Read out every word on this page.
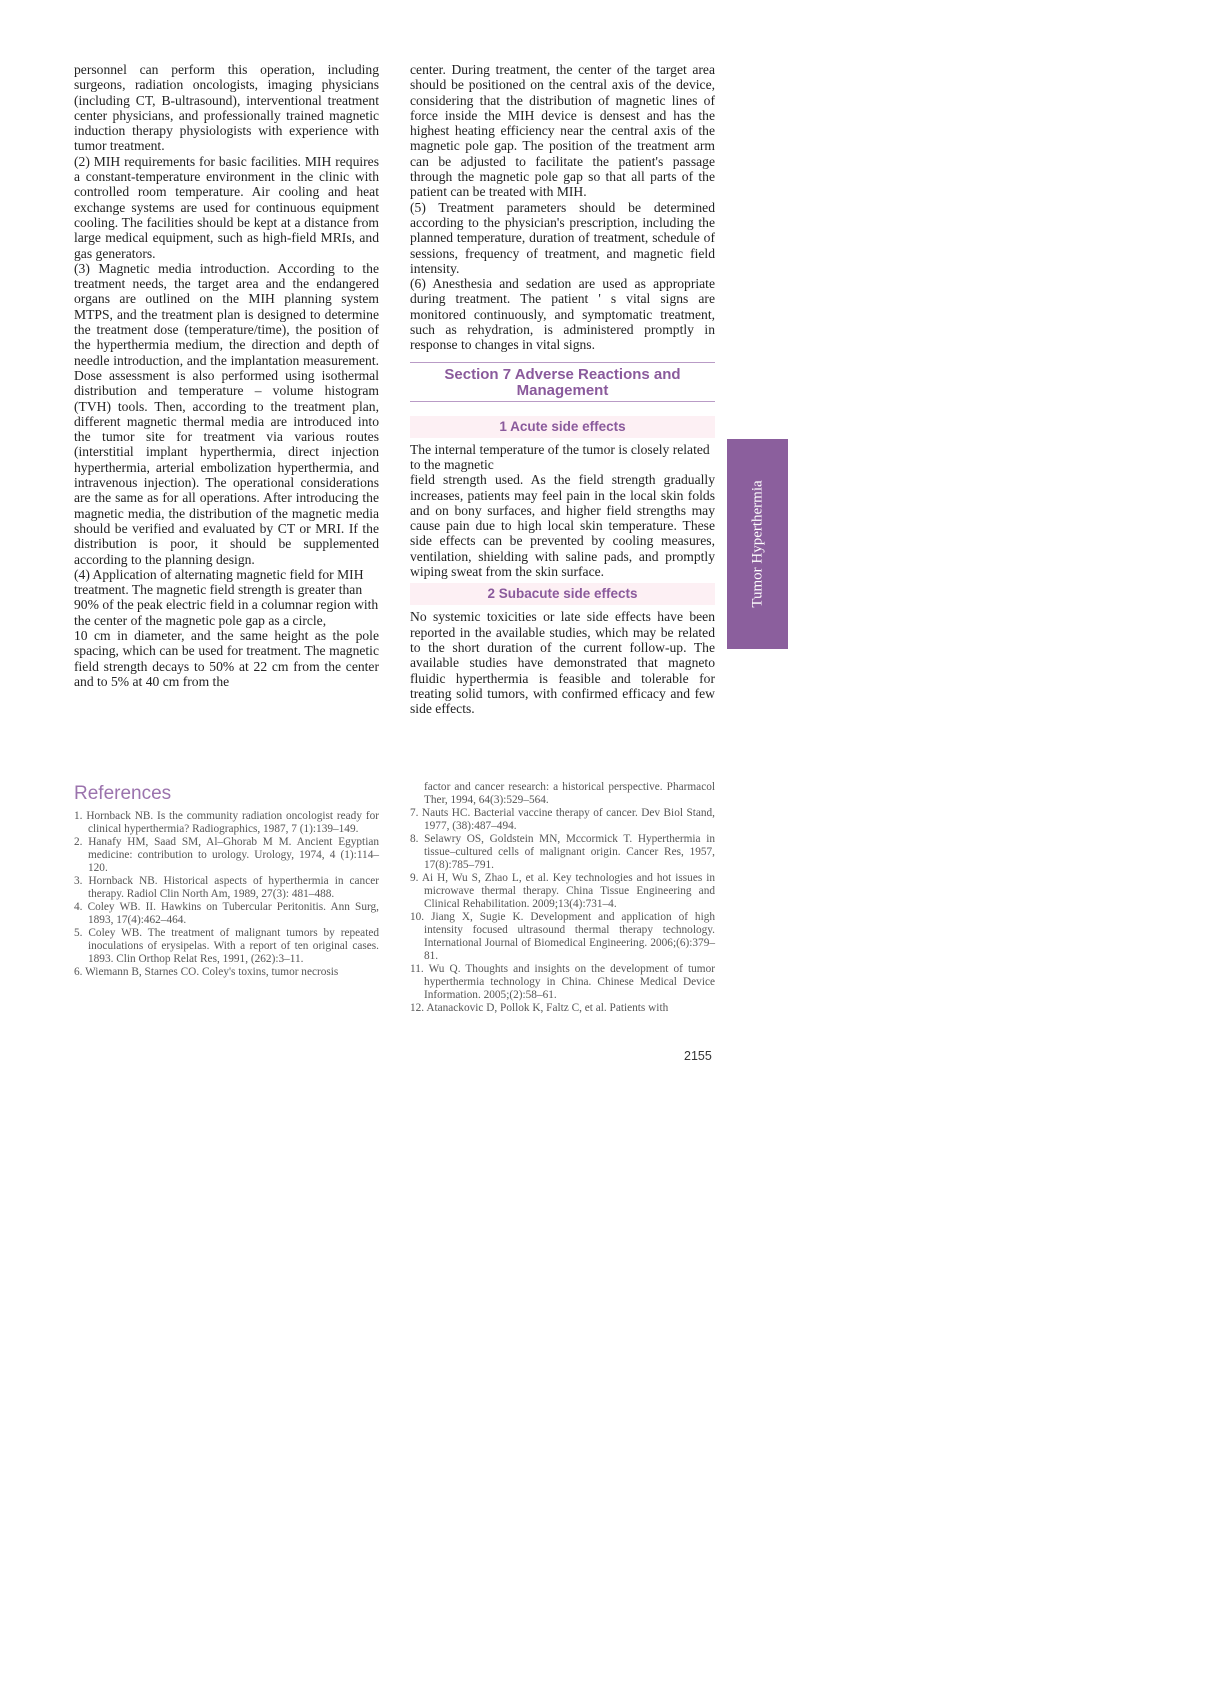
personnel can perform this operation, including surgeons, radiation oncologists, imaging physicians (including CT, B-ultrasound), interventional treatment center physicians, and professionally trained magnetic induction therapy physiologists with experience with tumor treatment.

(2) MIH requirements for basic facilities. MIH requires a constant-temperature environment in the clinic with controlled room temperature. Air cooling and heat exchange systems are used for continuous equipment cooling. The facilities should be kept at a distance from large medical equipment, such as high-field MRIs, and gas generators.

(3) Magnetic media introduction. According to the treatment needs, the target area and the endangered organs are outlined on the MIH planning system MTPS, and the treatment plan is designed to determine the treatment dose (temperature/time), the position of the hyperthermia medium, the direction and depth of needle introduction, and the implantation measurement. Dose assessment is also performed using isothermal distribution and temperature – volume histogram (TVH) tools. Then, according to the treatment plan, different magnetic thermal media are introduced into the tumor site for treatment via various routes (interstitial implant hyperthermia, direct injection hyperthermia, arterial embolization hyperthermia, and intravenous injection). The operational considerations are the same as for all operations. After introducing the magnetic media, the distribution of the magnetic media should be verified and evaluated by CT or MRI. If the distribution is poor, it should be supplemented according to the planning design.

(4) Application of alternating magnetic field for MIH treatment. The magnetic field strength is greater than 90% of the peak electric field in a columnar region with the center of the magnetic pole gap as a circle,

10 cm in diameter, and the same height as the pole spacing, which can be used for treatment. The magnetic field strength decays to 50% at 22 cm from the center and to 5% at 40 cm from the

center. During treatment, the center of the target area should be positioned on the central axis of the device, considering that the distribution of magnetic lines of force inside the MIH device is densest and has the highest heating efficiency near the central axis of the magnetic pole gap. The position of the treatment arm can be adjusted to facilitate the patient's passage through the magnetic pole gap so that all parts of the patient can be treated with MIH.

(5) Treatment parameters should be determined according to the physician's prescription, including the planned temperature, duration of treatment, schedule of sessions, frequency of treatment, and magnetic field intensity.

(6) Anesthesia and sedation are used as appropriate during treatment. The patient ' s vital signs are monitored continuously, and symptomatic treatment, such as rehydration, is administered promptly in response to changes in vital signs.

Section 7 Adverse Reactions and Management
1 Acute side effects

The internal temperature of the tumor is closely related to the magnetic

field strength used. As the field strength gradually increases, patients may feel pain in the local skin folds and on bony surfaces, and higher field strengths may cause pain due to high local skin temperature. These side effects can be prevented by cooling measures, ventilation, shielding with saline pads, and promptly wiping sweat from the skin surface.

2 Subacute side effects

No systemic toxicities or late side effects have been reported in the available studies, which may be related to the short duration of the current follow-up. The available studies have demonstrated that magneto fluidic hyperthermia is feasible and tolerable for treating solid tumors, with confirmed efficacy and few side effects.

Tumor Hyperthermia
References
1. Hornback NB. Is the community radiation oncologist ready for clinical hyperthermia? Radiographics, 1987, 7 (1):139–149.
2. Hanafy HM, Saad SM, Al–Ghorab M M. Ancient Egyptian medicine: contribution to urology. Urology, 1974, 4 (1):114–120.
3. Hornback NB. Historical aspects of hyperthermia in cancer therapy. Radiol Clin North Am, 1989, 27(3): 481–488.
4. Coley WB. II. Hawkins on Tubercular Peritonitis. Ann Surg, 1893, 17(4):462–464.
5. Coley WB. The treatment of malignant tumors by repeated inoculations of erysipelas. With a report of ten original cases. 1893. Clin Orthop Relat Res, 1991, (262):3–11.
6. Wiemann B, Starnes CO. Coley's toxins, tumor necrosis
factor and cancer research: a historical perspective. Pharmacol Ther, 1994, 64(3):529–564.
7. Nauts HC. Bacterial vaccine therapy of cancer. Dev Biol Stand, 1977, (38):487–494.
8. Selawry OS, Goldstein MN, Mccormick T. Hyperthermia in tissue–cultured cells of malignant origin. Cancer Res, 1957, 17(8):785–791.
9. Ai H, Wu S, Zhao L, et al. Key technologies and hot issues in microwave thermal therapy. China Tissue Engineering and Clinical Rehabilitation. 2009;13(4):731–4.
10. Jiang X, Sugie K. Development and application of high intensity focused ultrasound thermal therapy technology. International Journal of Biomedical Engineering. 2006;(6):379–81.
11. Wu Q. Thoughts and insights on the development of tumor hyperthermia technology in China. Chinese Medical Device Information. 2005;(2):58–61.
12. Atanackovic D, Pollok K, Faltz C, et al. Patients with
2155
